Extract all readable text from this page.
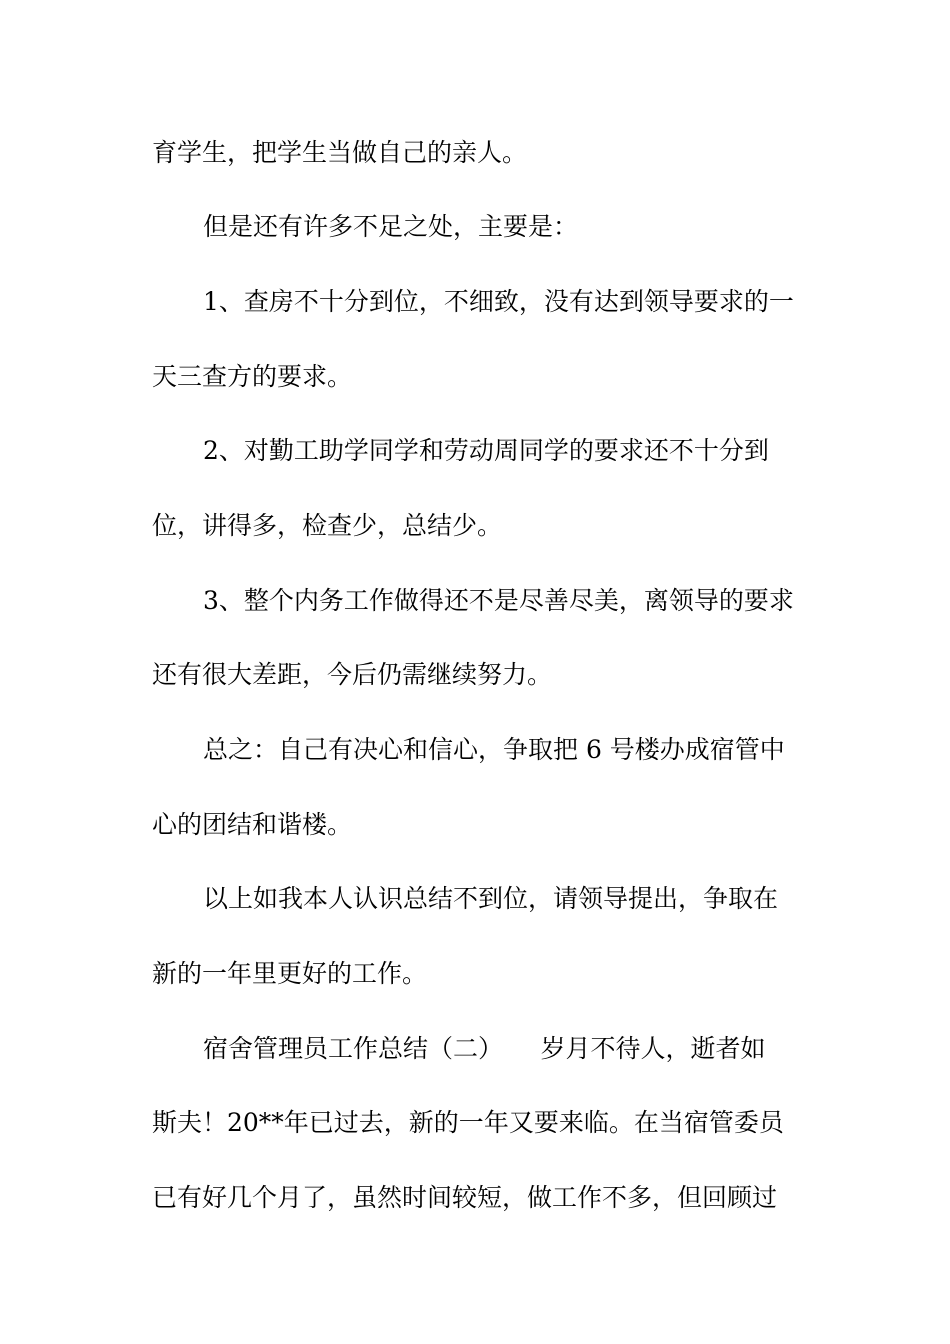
育学生，把学生当做自己的亲人。
但是还有许多不足之处，主要是：
1、查房不十分到位，不细致，没有达到领导要求的一
天三查方的要求。
2、对勤工助学同学和劳动周同学的要求还不十分到
位，讲得多，检查少，总结少。
3、整个内务工作做得还不是尽善尽美，离领导的要求
还有很大差距，今后仍需继续努力。
总之：自己有决心和信心，争取把 6 号楼办成宿管中
心的团结和谐楼。
以上如我本人认识总结不到位，请领导提出，争取在
新的一年里更好的工作。
宿舍管理员工作总结（二）　　岁月不待人，逝者如
斯夫！20**年已过去，新的一年又要来临。在当宿管委员
已有好几个月了，虽然时间较短，做工作不多，但回顾过
